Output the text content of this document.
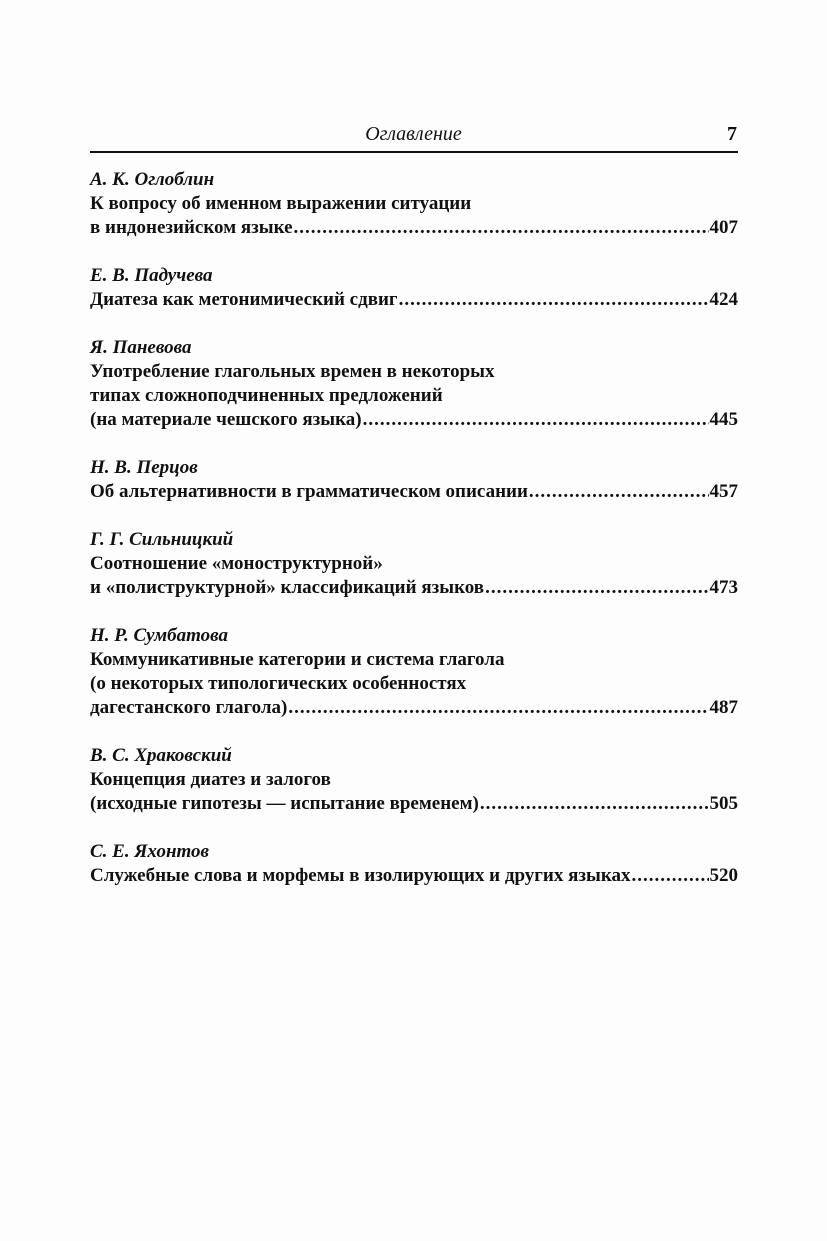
Оглавление	7
А. К. Оглоблин
К вопросу об именном выражении ситуации
в индонезийском языке .....	407
Е. В. Падучева
Диатеза как метонимический сдвиг .....	424
Я. Паневова
Употребление глагольных времен в некоторых
типах сложноподчиненных предложений
(на материале чешского языка) .....	445
Н. В. Перцов
Об альтернативности в грамматическом описании .....	457
Г. Г. Сильницкий
Соотношение «моноструктурной»
и «полиструктурной» классификаций языков .....	473
Н. Р. Сумбатова
Коммуникативные категории и система глагола
(о некоторых типологических особенностях
дагестанского глагола) .....	487
В. С. Храковский
Концепция диатез и залогов
(исходные гипотезы — испытание временем) .....	505
С. Е. Яхонтов
Служебные слова и морфемы в изолирующих и других языках .....	520
